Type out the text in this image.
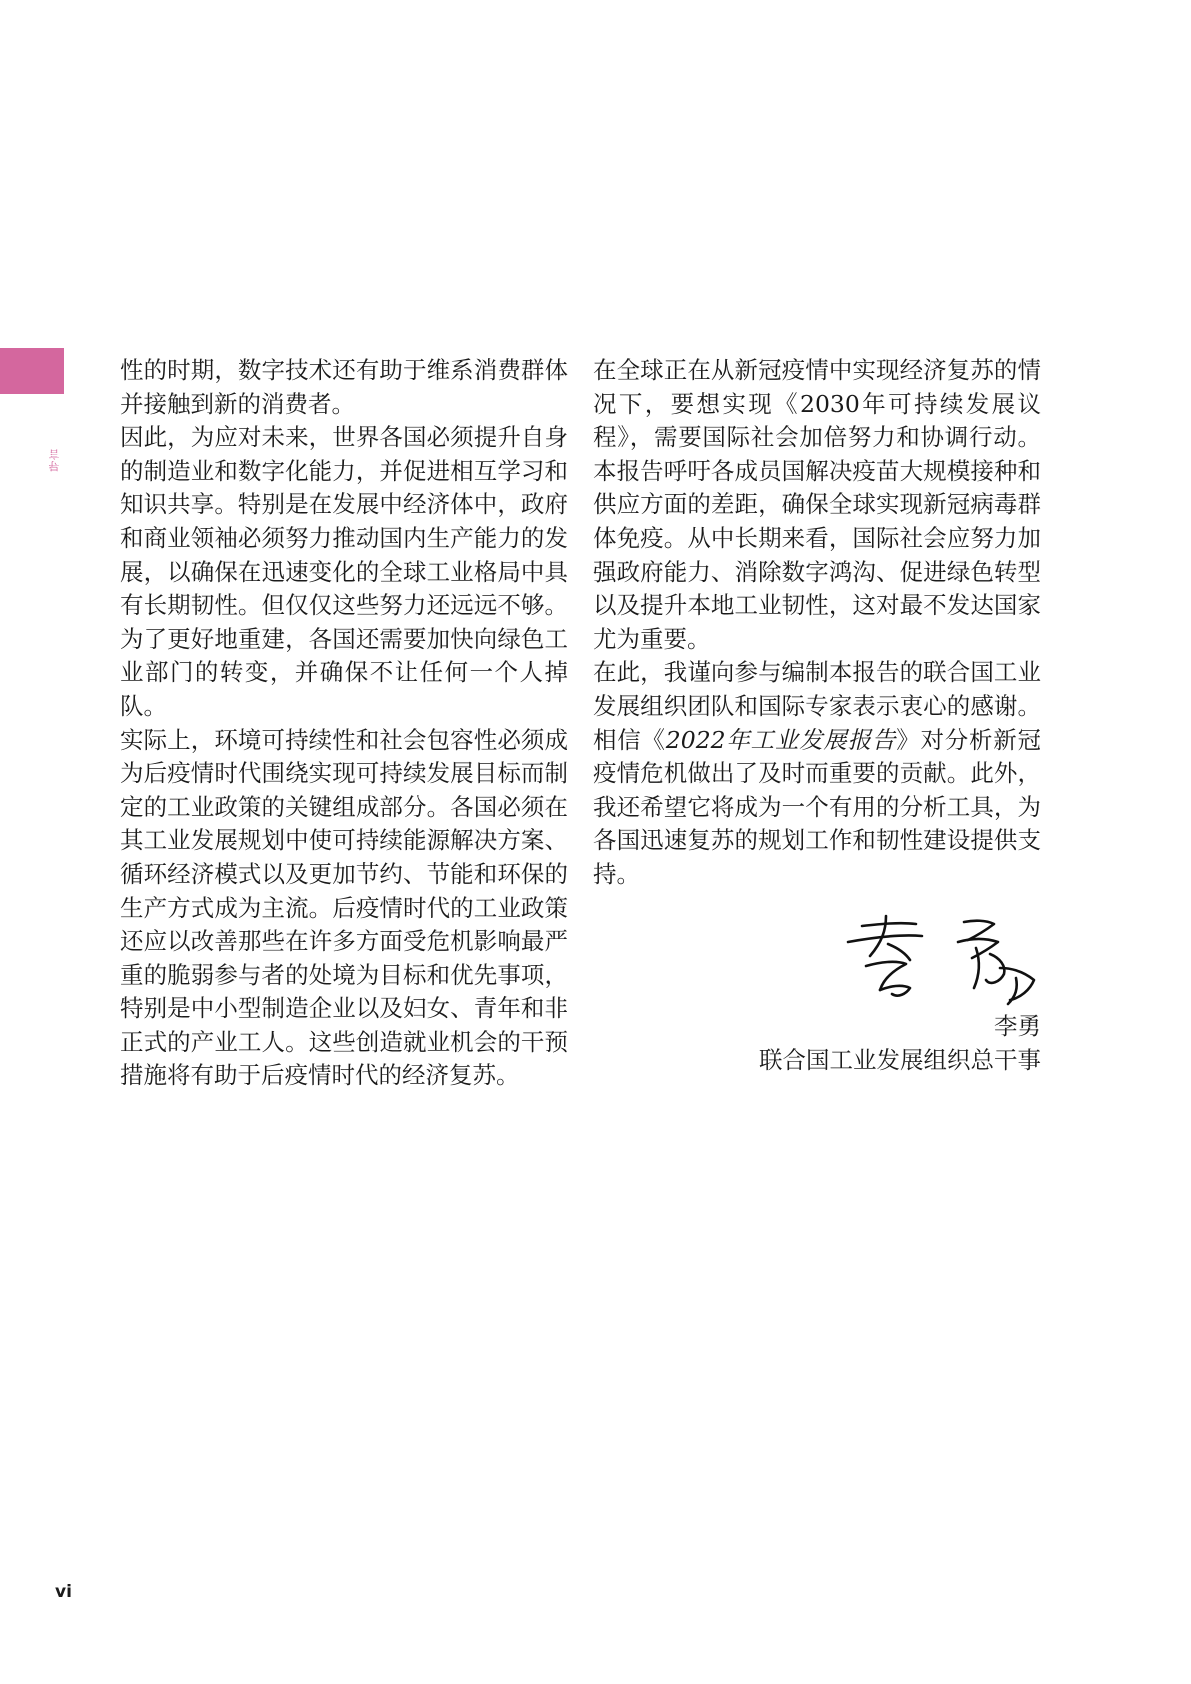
导言

性的时期，数字技术还有助于维系消费群体并接触到新的消费者。

因此，为应对未来，世界各国必须提升自身的制造业和数字化能力，并促进相互学习和知识共享。特别是在发展中经济体中，政府和商业领袖必须努力推动国内生产能力的发展，以确保在迅速变化的全球工业格局中具有长期韧性。但仅仅这些努力还远远不够。为了更好地重建，各国还需要加快向绿色工业部门的转变，并确保不让任何一个人掉队。

实际上，环境可持续性和社会包容性必须成为后疫情时代围绕实现可持续发展目标而制定的工业政策的关键组成部分。各国必须在其工业发展规划中使可持续能源解决方案、循环经济模式以及更加节约、节能和环保的生产方式成为主流。后疫情时代的工业政策还应以改善那些在许多方面受危机影响最严重的脆弱参与者的处境为目标和优先事项，特别是中小型制造企业以及妇女、青年和非正式的产业工人。这些创造就业机会的干预措施将有助于后疫情时代的经济复苏。

在全球正在从新冠疫情中实现经济复苏的情况下，要想实现《2030年可持续发展议程》，需要国际社会加倍努力和协调行动。本报告呼吁各成员国解决疫苗大规模接种和供应方面的差距，确保全球实现新冠病毒群体免疫。从中长期来看，国际社会应努力加强政府能力、消除数字鸿沟、促进绿色转型以及提升本地工业韧性，这对最不发达国家尤为重要。

在此，我谨向参与编制本报告的联合国工业发展组织团队和国际专家表示衷心的感谢。相信《2022年工业发展报告》对分析新冠疫情危机做出了及时而重要的贡献。此外，我还希望它将成为一个有用的分析工具，为各国迅速复苏的规划工作和韧性建设提供支持。

李勇
联合国工业发展组织总干事
vi
